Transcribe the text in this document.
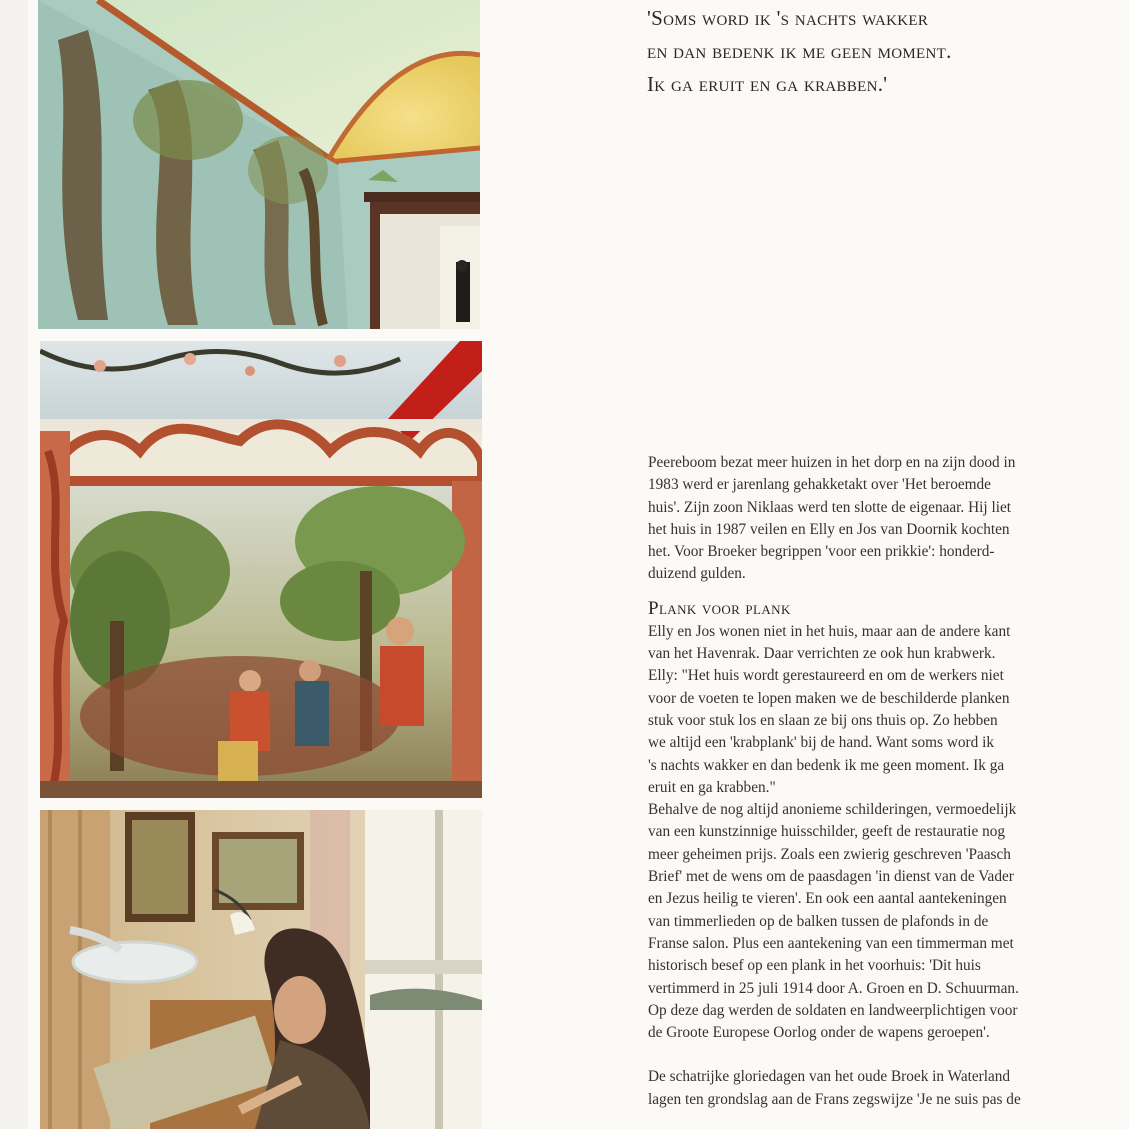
'Soms word ik 's nachts wakker
en dan bedenk ik me geen moment.
Ik ga eruit en ga krabben.'

Peereboom bezat meer huizen in het dorp en na zijn dood in
1983 werd er jarenlang gehakketakt over 'Het beroemde
huis'. Zijn zoon Niklaas werd ten slotte de eigenaar. Hij liet
het huis in 1987 veilen en Elly en Jos van Doornik kochten
het. Voor Broeker begrippen 'voor een prikkie': honderd-
duizend gulden.

Plank voor plank

Elly en Jos wonen niet in het huis, maar aan de andere kant
van het Havenrak. Daar verrichten ze ook hun krabwerk.
Elly: "Het huis wordt gerestaureerd en om de werkers niet
voor de voeten te lopen maken we de beschilderde planken
stuk voor stuk los en slaan ze bij ons thuis op. Zo hebben
we altijd een 'krabplank' bij de hand. Want soms word ik
's nachts wakker en dan bedenk ik me geen moment. Ik ga
eruit en ga krabben."
Behalve de nog altijd anonieme schilderingen, vermoedelijk
van een kunstzinnige huisschilder, geeft de restauratie nog
meer geheimen prijs. Zoals een zwierig geschreven 'Paasch
Brief' met de wens om de paasdagen 'in dienst van de Vader
en Jezus heilig te vieren'. En ook een aantal aantekeningen
van timmerlieden op de balken tussen de plafonds in de
Franse salon. Plus een aantekening van een timmerman met
historisch besef op een plank in het voorhuis: 'Dit huis
vertimmerd in 25 juli 1914 door A. Groen en D. Schuurman.
Op deze dag werden de soldaten en landweerplichtigen voor
de Groote Europese Oorlog onder de wapens geroepen'.

De schatrijke gloriedagen van het oude Broek in Waterland
lagen ten grondslag aan de Frans zegswijze 'Je ne suis pas de
